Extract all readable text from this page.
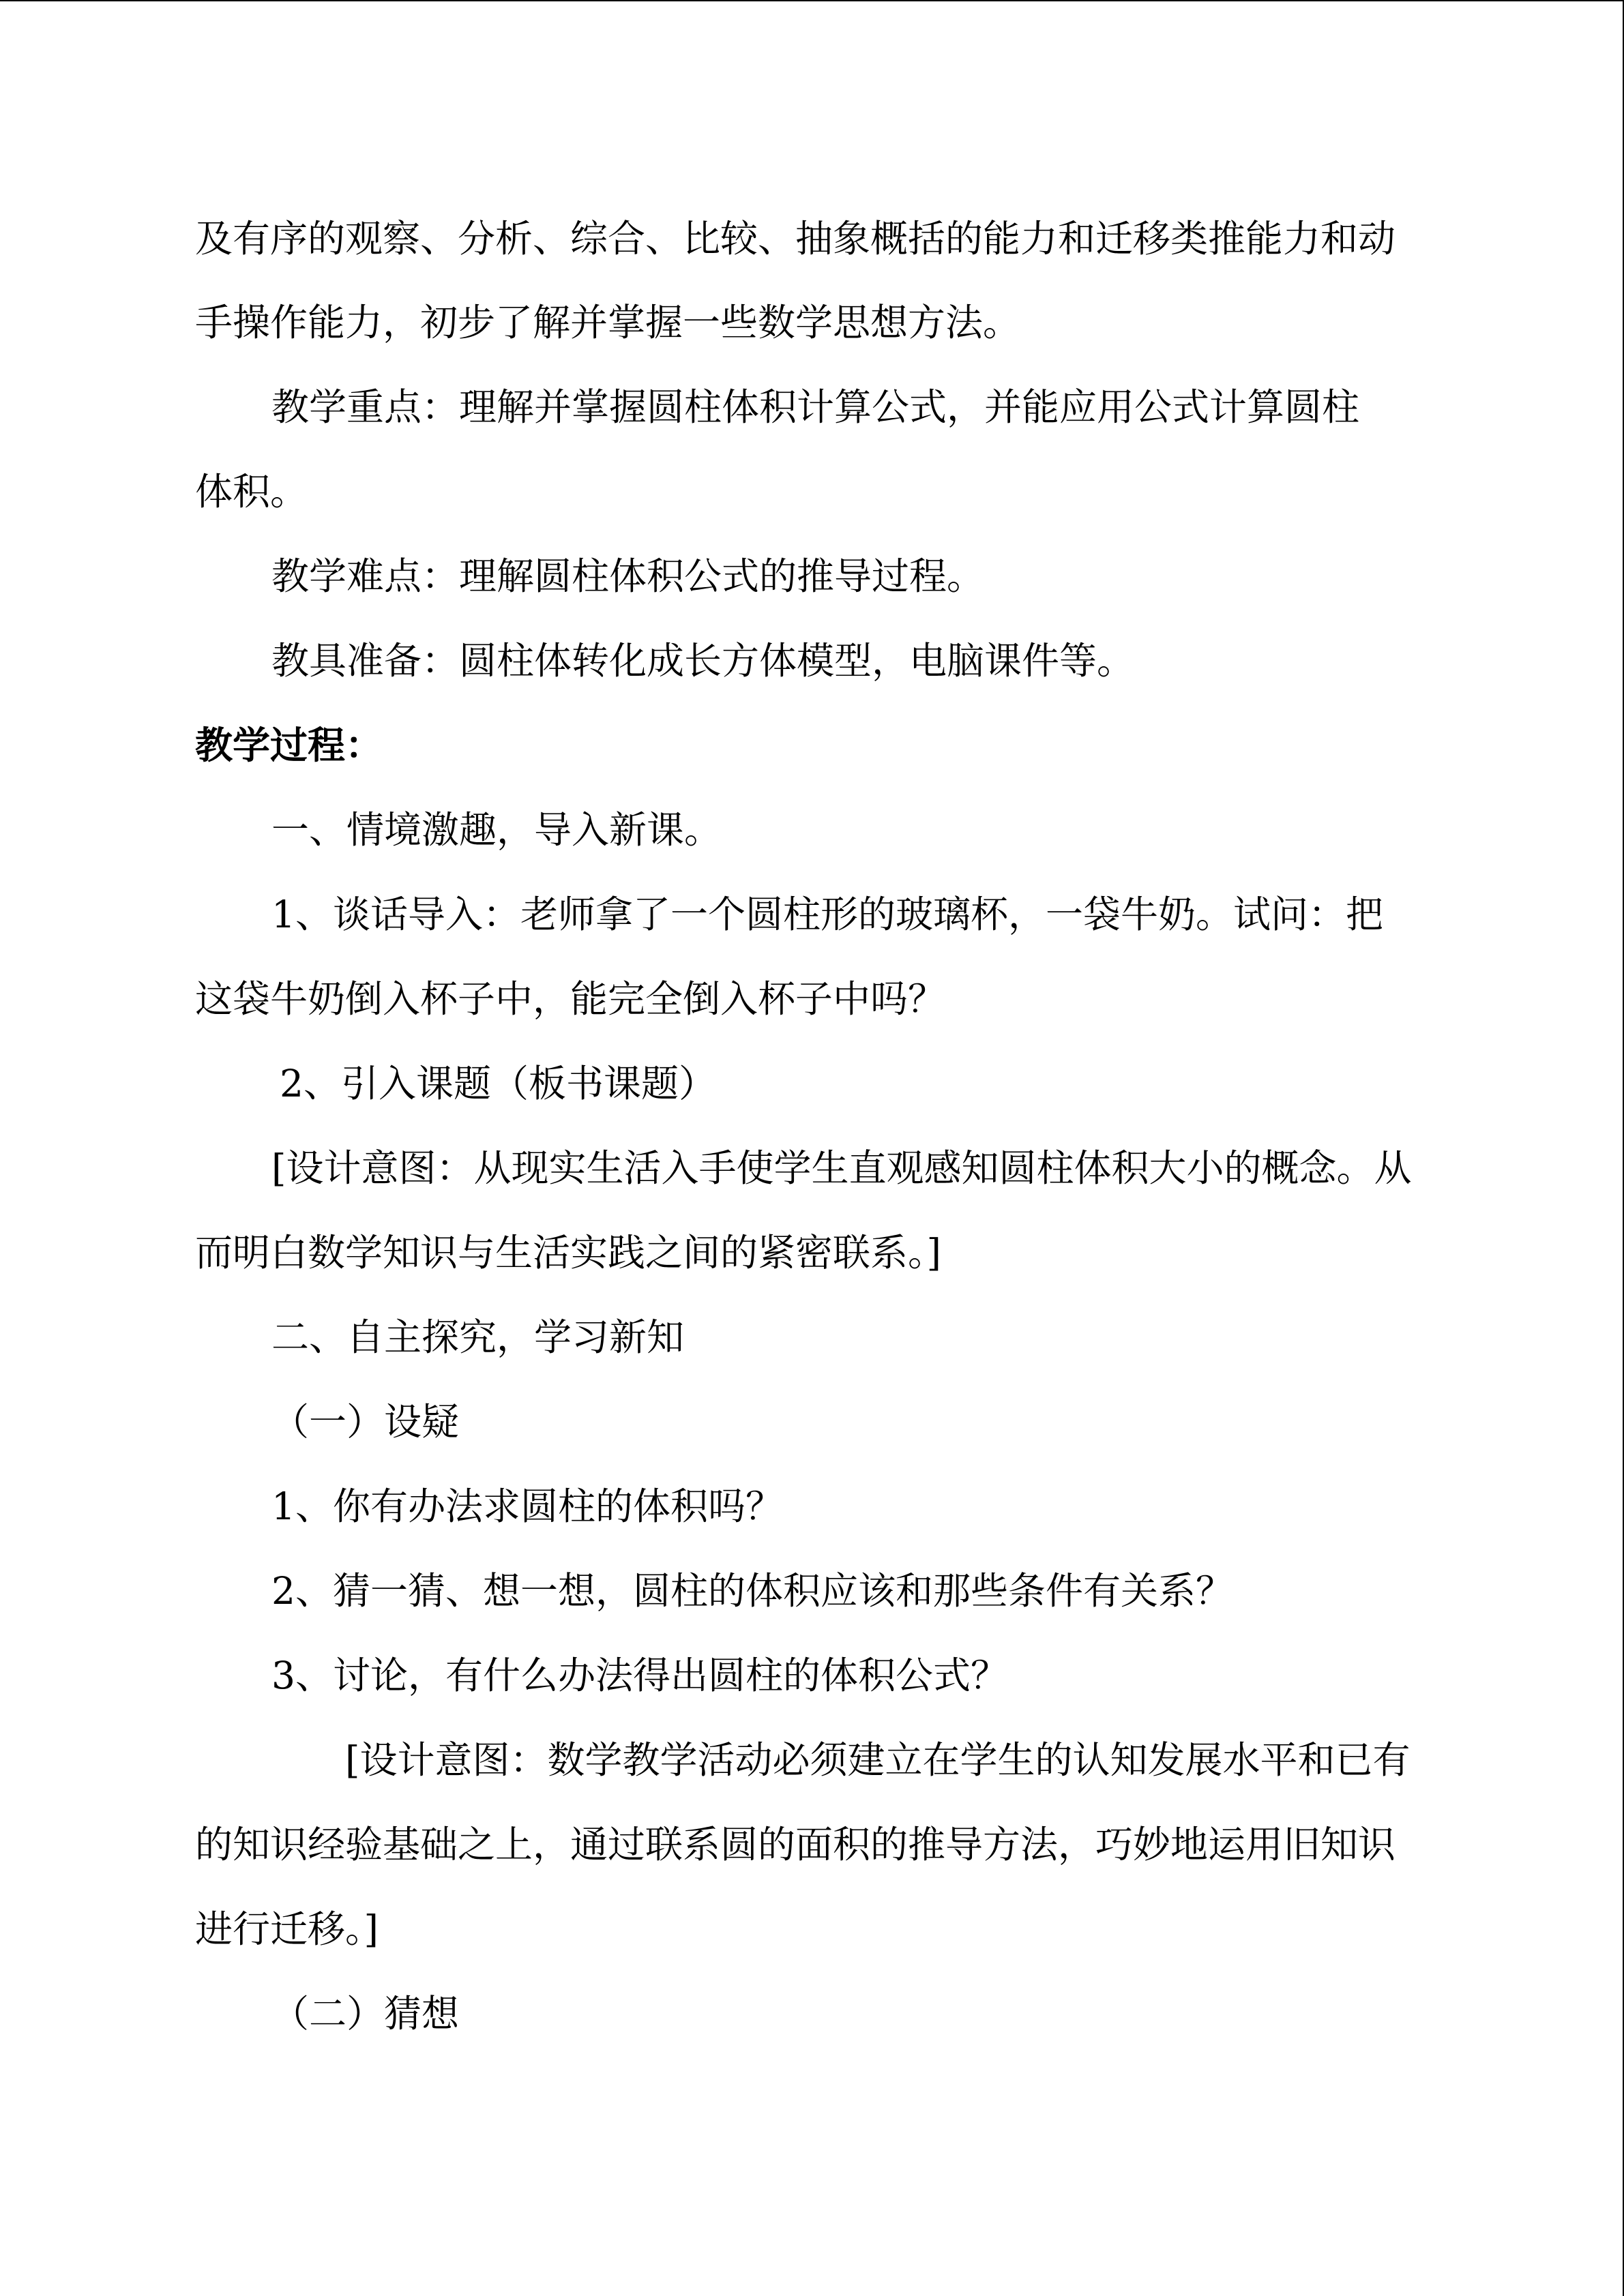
及有序的观察、分析、综合、比较、抽象概括的能力和迁移类推能力和动
手操作能力，初步了解并掌握一些数学思想方法。
教学重点：理解并掌握圆柱体积计算公式，并能应用公式计算圆柱
体积。
教学难点：理解圆柱体积公式的推导过程。
教具准备：圆柱体转化成长方体模型，电脑课件等。
教学过程：
一、情境激趣，导入新课。
1、谈话导入：老师拿了一个圆柱形的玻璃杯，一袋牛奶。试问：把
这袋牛奶倒入杯子中，能完全倒入杯子中吗？
2、引入课题（板书课题）
[设计意图：从现实生活入手使学生直观感知圆柱体积大小的概念。从
而明白数学知识与生活实践之间的紧密联系。]
二、自主探究，学习新知
（一）设疑
1、你有办法求圆柱的体积吗？
2、猜一猜、想一想，圆柱的体积应该和那些条件有关系？
3、讨论，有什么办法得出圆柱的体积公式？
[设计意图：数学教学活动必须建立在学生的认知发展水平和已有
的知识经验基础之上，通过联系圆的面积的推导方法，巧妙地运用旧知识
进行迁移。]
（二）猜想
